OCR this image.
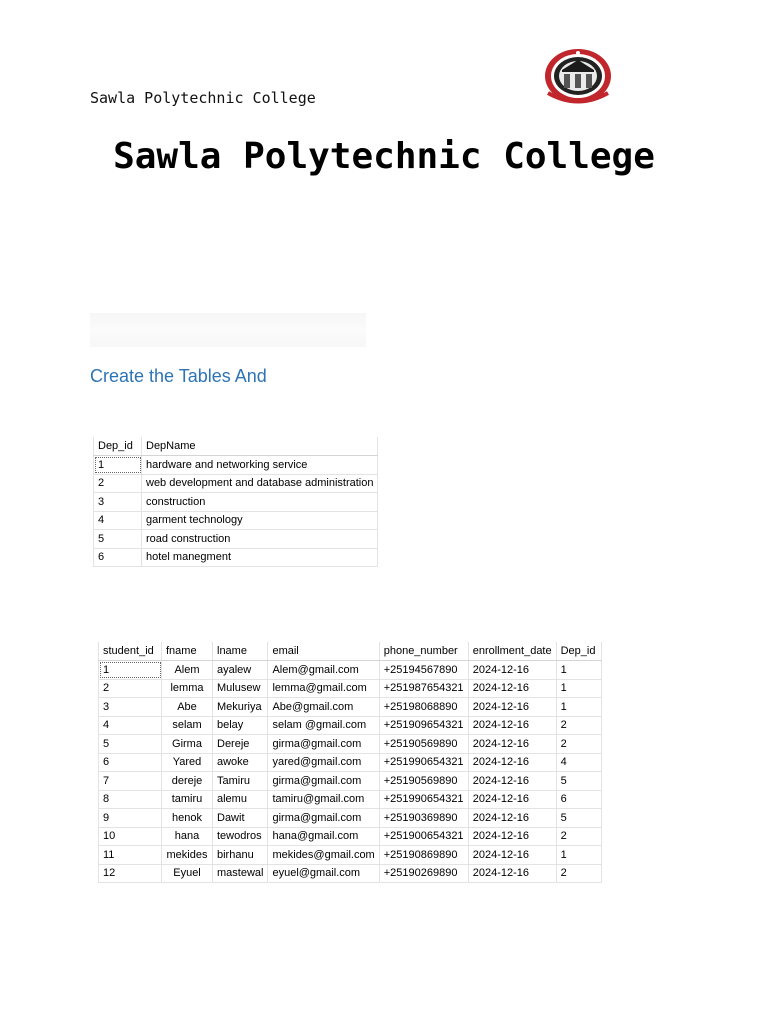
Sawla Polytechnic College
Sawla Polytechnic College
Create the Tables And
Dep_id	DepName
1	hardware and networking service
2	web development and database administration
3	construction
4	garment technology
5	road construction
6	hotel manegment
student_id	fname	lname	email	phone_number	enrollment_date	Dep_id
1	Alem	ayalew	Alem@gmail.com	+25194567890	2024-12-16	1
2	lemma	Mulusew	lemma@gmail.com	+251987654321	2024-12-16	1
3	Abe	Mekuriya	Abe@gmail.com	+25198068890	2024-12-16	1
4	selam	belay	selam @gmail.com	+251909654321	2024-12-16	2
5	Girma	Dereje	girma@gmail.com	+25190569890	2024-12-16	2
6	Yared	awoke	yared@gmail.com	+251990654321	2024-12-16	4
7	dereje	Tamiru	girma@gmail.com	+25190569890	2024-12-16	5
8	tamiru	alemu	tamiru@gmail.com	+251990654321	2024-12-16	6
9	henok	Dawit	girma@gmail.com	+25190369890	2024-12-16	5
10	hana	tewodros	hana@gmail.com	+251900654321	2024-12-16	2
11	mekides	birhanu	mekides@gmail.com	+25190869890	2024-12-16	1
12	Eyuel	mastewal	eyuel@gmail.com	+25190269890	2024-12-16	2
